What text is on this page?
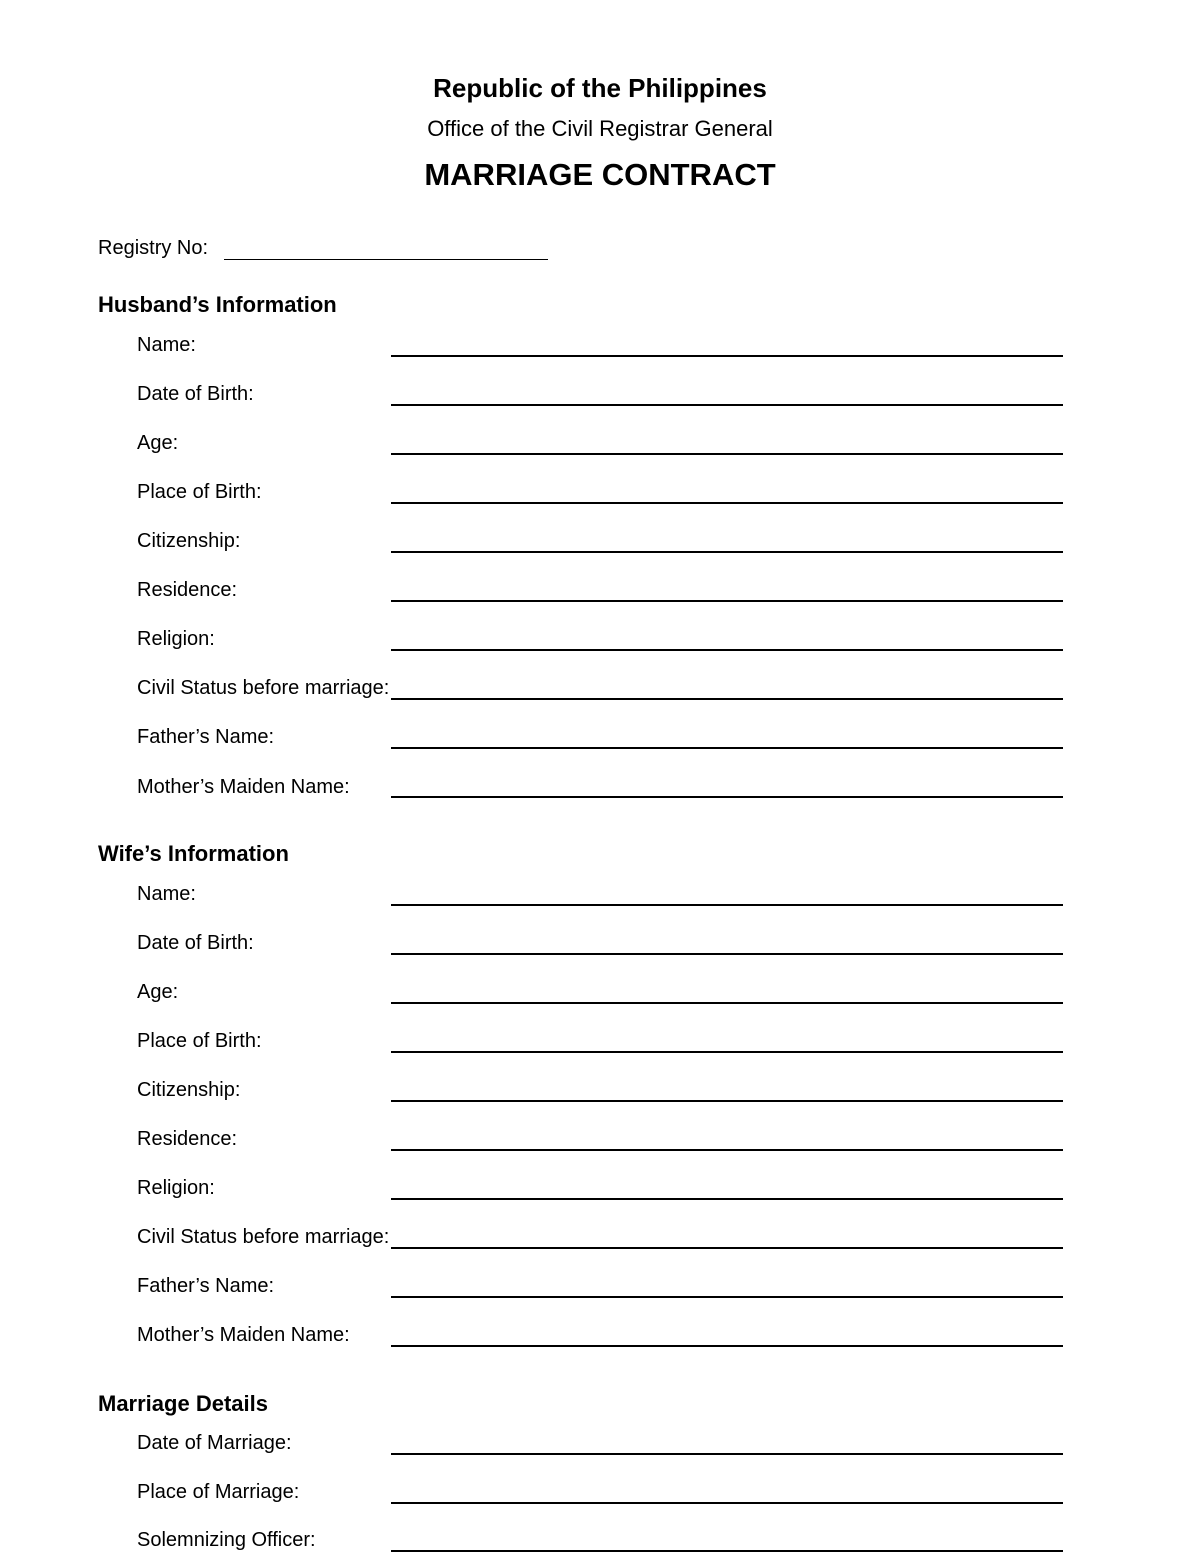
Republic of the Philippines
Office of the Civil Registrar General
MARRIAGE CONTRACT
Registry No:
Husband’s Information
Name:
Date of Birth:
Age:
Place of Birth:
Citizenship:
Residence:
Religion:
Civil Status before marriage:
Father’s Name:
Mother’s Maiden Name:
Wife’s Information
Name:
Date of Birth:
Age:
Place of Birth:
Citizenship:
Residence:
Religion:
Civil Status before marriage:
Father’s Name:
Mother’s Maiden Name:
Marriage Details
Date of Marriage:
Place of Marriage:
Solemnizing Officer:
